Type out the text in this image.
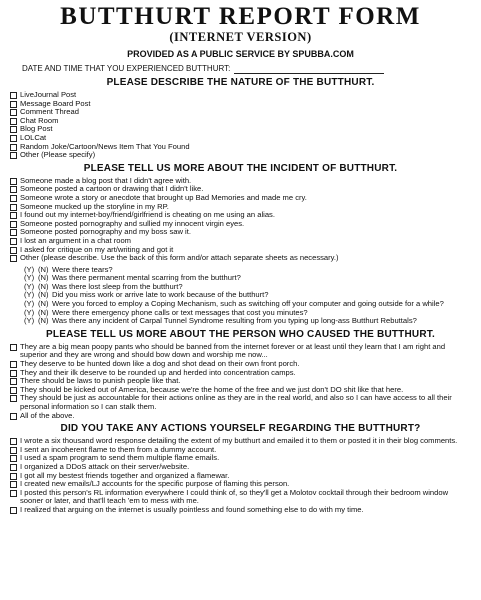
BUTTHURT REPORT FORM
(INTERNET VERSION)
PROVIDED AS A PUBLIC SERVICE BY SPUBBA.COM
DATE AND TIME THAT YOU EXPERIENCED BUTTHURT:
PLEASE DESCRIBE THE NATURE OF THE BUTTHURT.
LiveJournal Post
Message Board Post
Comment Thread
Chat Room
Blog Post
LOLCat
Random Joke/Cartoon/News Item That You Found
Other (Please specify)
PLEASE TELL US MORE ABOUT THE INCIDENT OF BUTTHURT.
Someone made a blog post that I didn't agree with.
Someone posted a cartoon or drawing that I didn't like.
Someone wrote a story or anecdote that brought up Bad Memories and made me cry.
Someone mucked up the storyline in my RP.
I found out my internet-boy/friend/girlfriend is cheating on me using an alias.
Someone posted pornography and sullied my innocent virgin eyes.
Someone posted pornography and my boss saw it.
I lost an argument in a chat room
I asked for critique on my art/writing and got it
Other (please describe. Use the back of this form and/or attach separate sheets as necessary.)
(Y) (N) Were there tears?
(Y) (N) Was there permanent mental scarring from the butthurt?
(Y) (N) Was there lost sleep from the butthurt?
(Y) (N) Did you miss work or arrive late to work because of the butthurt?
(Y) (N) Were you forced to employ a Coping Mechanism, such as switching off your computer and going outside for a while?
(Y) (N) Were there emergency phone calls or text messages that cost you minutes?
(Y) (N) Was there any incident of Carpal Tunnel Syndrome resulting from you typing up long-ass Butthurt Rebuttals?
PLEASE TELL US MORE ABOUT THE PERSON WHO CAUSED THE BUTTHURT.
They are a big mean poopy pants who should be banned from the internet forever or at least until they learn that I am right and superior and they are wrong and should bow down and worship me now...
They deserve to be hunted down like a dog and shot dead on their own front porch.
They and their ilk deserve to be rounded up and herded into concentration camps.
There should be laws to punish people like that.
They should be kicked out of America, because we're the home of the free and we just don't DO shit like that here.
They should be just as accountable for their actions online as they are in the real world, and also so I can have access to all their personal information so I can stalk them.
All of the above.
DID YOU TAKE ANY ACTIONS YOURSELF REGARDING THE BUTTHURT?
I wrote a six thousand word response detailing the extent of my butthurt and emailed it to them or posted it in their blog comments.
I sent an incoherent flame to them from a dummy account.
I used a spam program to send them multiple flame emails.
I organized a DDoS attack on their server/website.
I got all my bestest friends together and organized a flamewar.
I created new emails/LJ accounts for the specific purpose of flaming this person.
I posted this person's RL information everywhere I could think of, so they'll get a Molotov cocktail through their bedroom window sooner or later, and that'll teach 'em to mess with me.
I realized that arguing on the internet is usually pointless and found something else to do with my time.
